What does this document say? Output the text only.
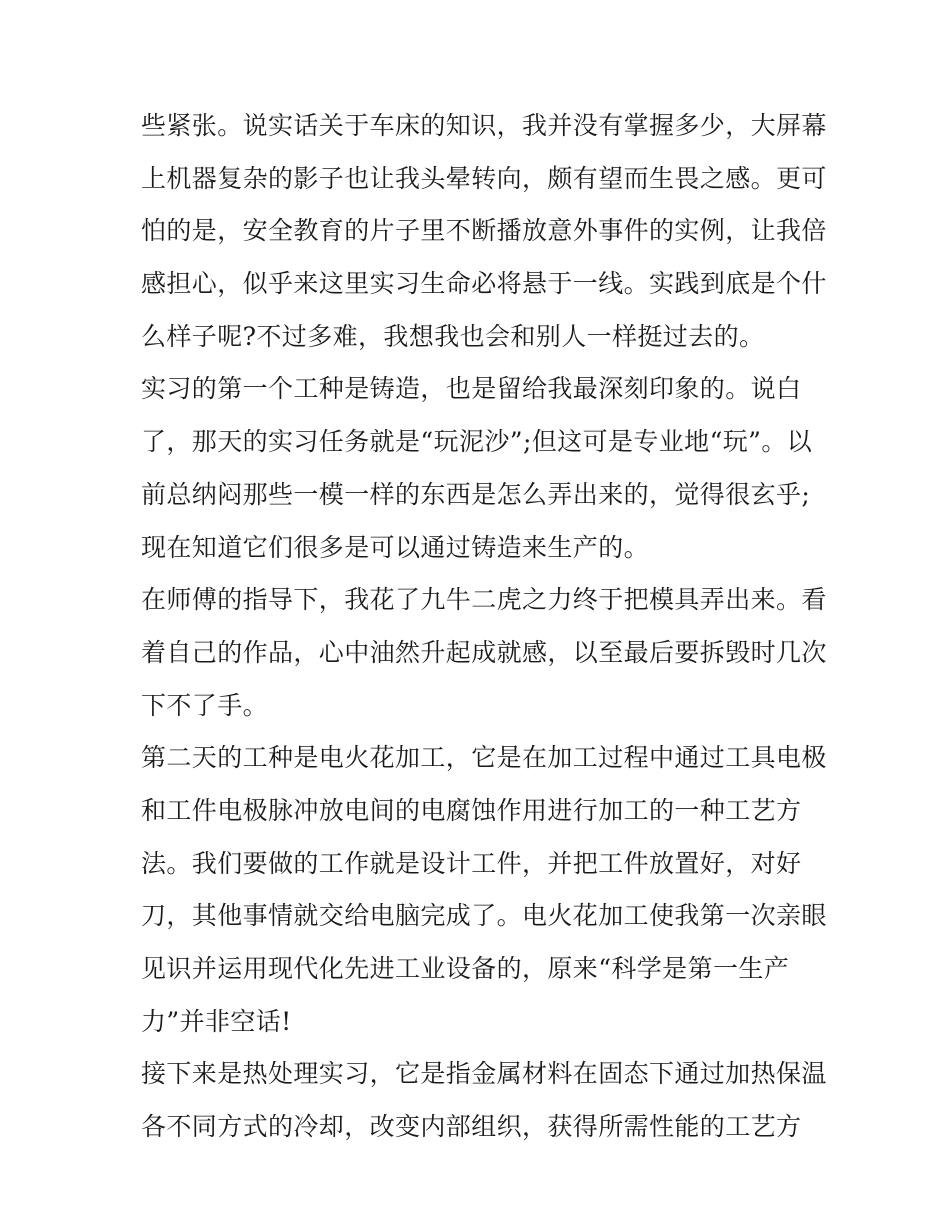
些紧张。说实话关于车床的知识，我并没有掌握多少，大屏幕
上机器复杂的影子也让我头晕转向，颇有望而生畏之感。更可
怕的是，安全教育的片子里不断播放意外事件的实例，让我倍
感担心，似乎来这里实习生命必将悬于一线。实践到底是个什
么样子呢?不过多难，我想我也会和别人一样挺过去的。
实习的第一个工种是铸造，也是留给我最深刻印象的。说白
了，那天的实习任务就是“玩泥沙”;但这可是专业地“玩”。以
前总纳闷那些一模一样的东西是怎么弄出来的，觉得很玄乎;
现在知道它们很多是可以通过铸造来生产的。
在师傅的指导下，我花了九牛二虎之力终于把模具弄出来。看
着自己的作品，心中油然升起成就感，以至最后要拆毁时几次
下不了手。
第二天的工种是电火花加工，它是在加工过程中通过工具电极
和工件电极脉冲放电间的电腐蚀作用进行加工的一种工艺方
法。我们要做的工作就是设计工件，并把工件放置好，对好
刀，其他事情就交给电脑完成了。电火花加工使我第一次亲眼
见识并运用现代化先进工业设备的，原来“科学是第一生产
力”并非空话!
接下来是热处理实习，它是指金属材料在固态下通过加热保温
各不同方式的冷却，改变内部组织，获得所需性能的工艺方
